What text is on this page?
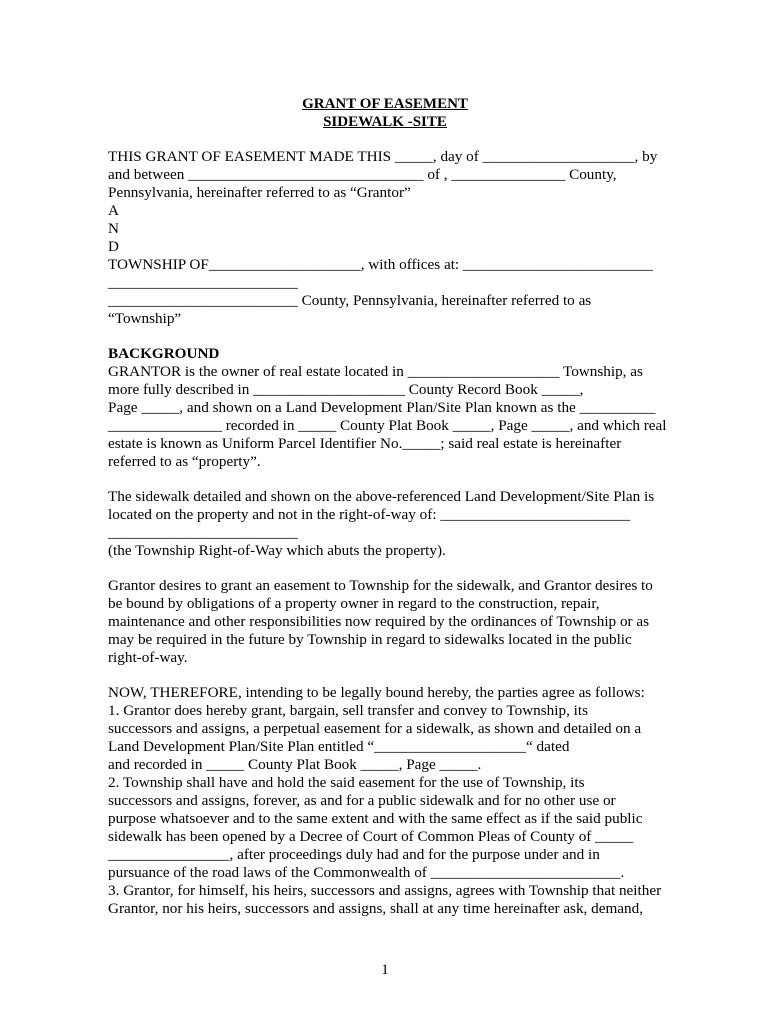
GRANT OF EASEMENT
SIDEWALK -SITE
THIS GRANT OF EASEMENT MADE THIS _____, day of ____________________, by
and between _______________________________ of , _______________ County,
Pennsylvania, hereinafter referred to as “Grantor”
A
N
D
TOWNSHIP OF____________________, with offices at: _________________________
_________________________
_________________________ County, Pennsylvania, hereinafter referred to as
“Township”
BACKGROUND
GRANTOR is the owner of real estate located in ____________________ Township, as
more fully described in ____________________ County Record Book _____,
Page _____, and shown on a Land Development Plan/Site Plan known as the __________
_______________ recorded in _____ County Plat Book _____, Page _____, and which real
estate is known as Uniform Parcel Identifier No._____; said real estate is hereinafter
referred to as “property”.
The sidewalk detailed and shown on the above-referenced Land Development/Site Plan is
located on the property and not in the right-of-way of: _________________________
_________________________
(the Township Right-of-Way which abuts the property).
Grantor desires to grant an easement to Township for the sidewalk, and Grantor desires to
be bound by obligations of a property owner in regard to the construction, repair,
maintenance and other responsibilities now required by the ordinances of Township or as
may be required in the future by Township in regard to sidewalks located in the public
right-of-way.
NOW, THEREFORE, intending to be legally bound hereby, the parties agree as follows:
1. Grantor does hereby grant, bargain, sell transfer and convey to Township, its
successors and assigns, a perpetual easement for a sidewalk, as shown and detailed on a
Land Development Plan/Site Plan entitled “____________________“ dated
and recorded in _____ County Plat Book _____, Page _____.
2. Township shall have and hold the said easement for the use of Township, its
successors and assigns, forever, as and for a public sidewalk and for no other use or
purpose whatsoever and to the same extent and with the same effect as if the said public
sidewalk has been opened by a Decree of Court of Common Pleas of County of _____
________________, after proceedings duly had and for the purpose under and in
pursuance of the road laws of the Commonwealth of _________________________.
3. Grantor, for himself, his heirs, successors and assigns, agrees with Township that neither
Grantor, nor his heirs, successors and assigns, shall at any time hereinafter ask, demand,
1
